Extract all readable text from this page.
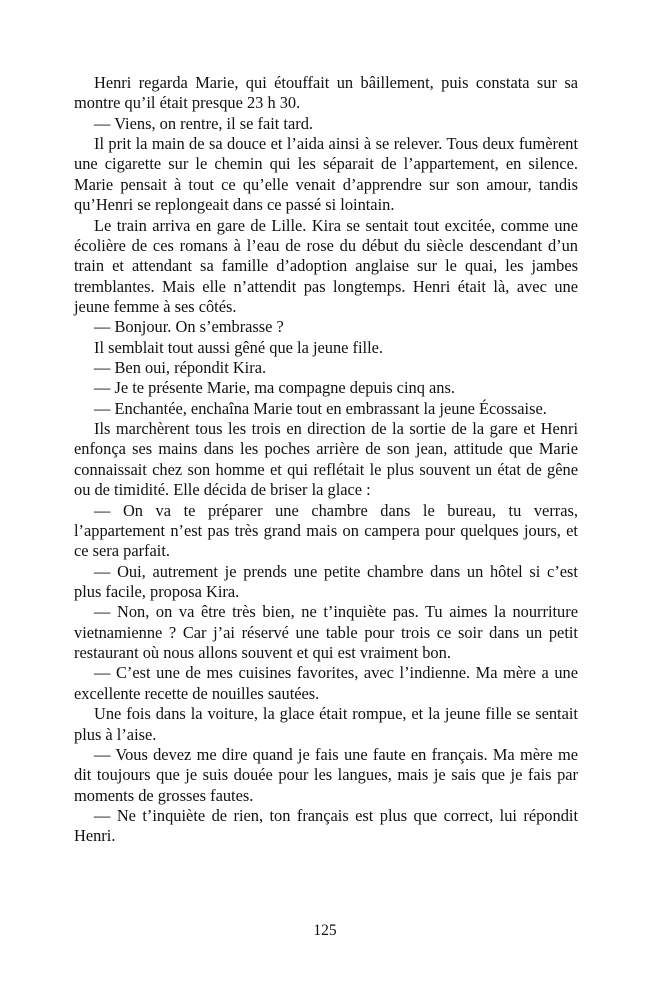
Henri regarda Marie, qui étouffait un bâillement, puis constata sur sa montre qu’il était presque 23 h 30.

— Viens, on rentre, il se fait tard.

Il prit la main de sa douce et l’aida ainsi à se relever. Tous deux fumèrent une cigarette sur le chemin qui les séparait de l’appartement, en silence. Marie pensait à tout ce qu’elle venait d’apprendre sur son amour, tandis qu’Henri se replongeait dans ce passé si lointain.

Le train arriva en gare de Lille. Kira se sentait tout excitée, comme une écolière de ces romans à l’eau de rose du début du siècle descendant d’un train et attendant sa famille d’adoption anglaise sur le quai, les jambes tremblantes. Mais elle n’attendit pas longtemps. Henri était là, avec une jeune femme à ses côtés.

— Bonjour. On s’embrasse ?

Il semblait tout aussi gêné que la jeune fille.

— Ben oui, répondit Kira.

— Je te présente Marie, ma compagne depuis cinq ans.

— Enchantée, enchaîna Marie tout en embrassant la jeune Écossaise.

Ils marchèrent tous les trois en direction de la sortie de la gare et Henri enfonça ses mains dans les poches arrière de son jean, attitude que Marie connaissait chez son homme et qui reflétait le plus souvent un état de gêne ou de timidité. Elle décida de briser la glace :

— On va te préparer une chambre dans le bureau, tu verras, l’appartement n’est pas très grand mais on campera pour quelques jours, et ce sera parfait.

— Oui, autrement je prends une petite chambre dans un hôtel si c’est plus facile, proposa Kira.

— Non, on va être très bien, ne t’inquiète pas. Tu aimes la nourriture vietnamienne ? Car j’ai réservé une table pour trois ce soir dans un petit restaurant où nous allons souvent et qui est vraiment bon.

— C’est une de mes cuisines favorites, avec l’indienne. Ma mère a une excellente recette de nouilles sautées.

Une fois dans la voiture, la glace était rompue, et la jeune fille se sentait plus à l’aise.

— Vous devez me dire quand je fais une faute en français. Ma mère me dit toujours que je suis douée pour les langues, mais je sais que je fais par moments de grosses fautes.

— Ne t’inquiète de rien, ton français est plus que correct, lui répondit Henri.

125
